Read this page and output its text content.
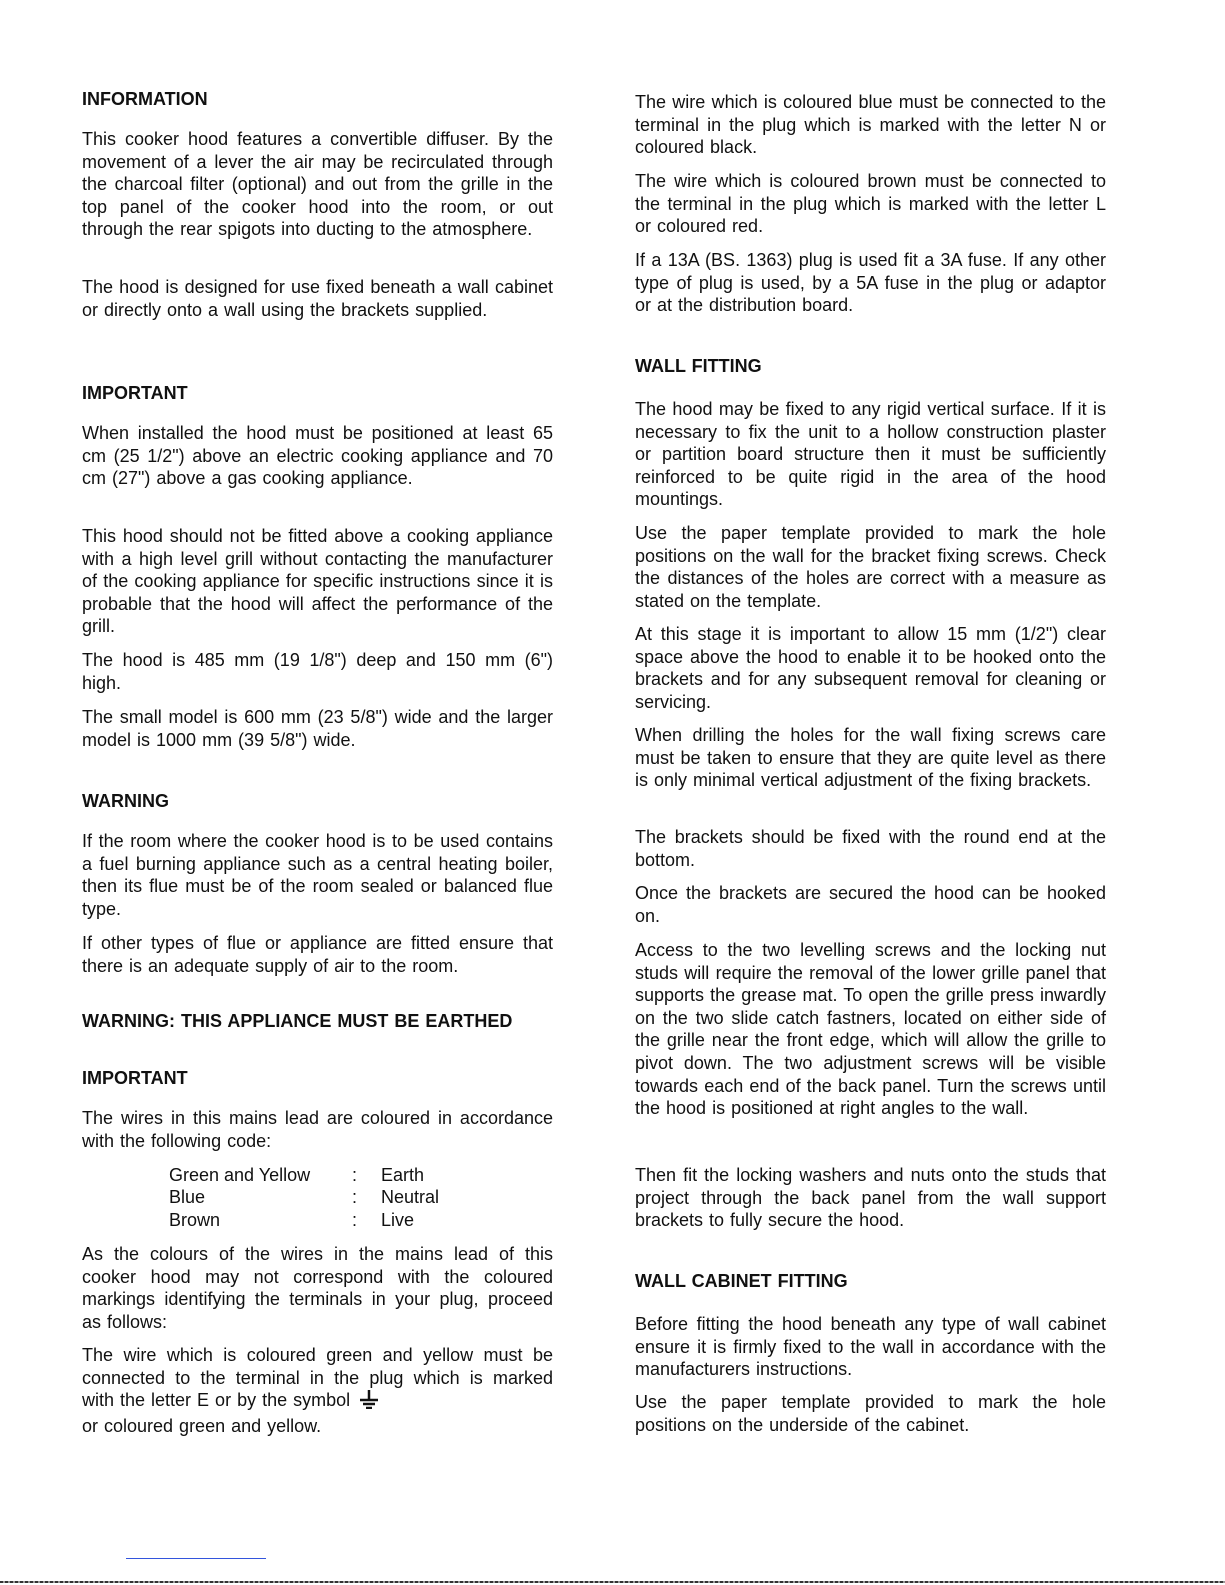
INFORMATION
This cooker hood features a convertible diffuser. By the movement of a lever the air may be recirculated through the charcoal filter (optional) and out from the grille in the top panel of the cooker hood into the room, or out through the rear spigots into ducting to the atmosphere.
The hood is designed for use fixed beneath a wall cabinet or directly onto a wall using the brackets supplied.
IMPORTANT
When installed the hood must be positioned at least 65 cm (25 1/2") above an electric cooking appliance and 70 cm (27") above a gas cooking appliance.
This hood should not be fitted above a cooking appliance with a high level grill without contacting the manufacturer of the cooking appliance for specific instructions since it is probable that the hood will affect the performance of the grill.
The hood is 485 mm (19 1/8") deep and 150 mm (6") high.
The small model is 600 mm (23 5/8") wide and the larger model is 1000 mm (39 5/8") wide.
WARNING
If the room where the cooker hood is to be used contains a fuel burning appliance such as a central heating boiler, then its flue must be of the room sealed or balanced flue type.
If other types of flue or appliance are fitted ensure that there is an adequate supply of air to the room.
WARNING: THIS APPLIANCE MUST BE EARTHED
IMPORTANT
The wires in this mains lead are coloured in accordance with the following code:
Green and Yellow : Earth
Blue	: Neutral
Brown	: Live
As the colours of the wires in the mains lead of this cooker hood may not correspond with the coloured markings identifying the terminals in your plug, proceed as follows:
The wire which is coloured green and yellow must be connected to the terminal in the plug which is marked with the letter E or by the symbol
or coloured green and yellow.
The wire which is coloured blue must be connected to the terminal in the plug which is marked with the letter N or coloured black.
The wire which is coloured brown must be connected to the terminal in the plug which is marked with the letter L or coloured red.
If a 13A (BS. 1363) plug is used fit a 3A fuse. If any other type of plug is used, by a 5A fuse in the plug or adaptor or at the distribution board.
WALL FITTING
The hood may be fixed to any rigid vertical surface. If it is necessary to fix the unit to a hollow construction plaster or partition board structure then it must be sufficiently reinforced to be quite rigid in the area of the hood mountings.
Use the paper template provided to mark the hole positions on the wall for the bracket fixing screws. Check the distances of the holes are correct with a measure as stated on the template.
At this stage it is important to allow 15 mm (1/2") clear space above the hood to enable it to be hooked onto the brackets and for any subsequent removal for cleaning or servicing.
When drilling the holes for the wall fixing screws care must be taken to ensure that they are quite level as there is only minimal vertical adjustment of the fixing brackets.
The brackets should be fixed with the round end at the bottom.
Once the brackets are secured the hood can be hooked on.
Access to the two levelling screws and the locking nut studs will require the removal of the lower grille panel that supports the grease mat. To open the grille press inwardly on the two slide catch fastners, located on either side of the grille near the front edge, which will allow the grille to pivot down. The two adjustment screws will be visible towards each end of the back panel. Turn the screws until the hood is positioned at right angles to the wall.
Then fit the locking washers and nuts onto the studs that project through the back panel from the wall support brackets to fully secure the hood.
WALL CABINET FITTING
Before fitting the hood beneath any type of wall cabinet ensure it is firmly fixed to the wall in accordance with the manufacturers instructions.
Use the paper template provided to mark the hole positions on the underside of the cabinet.
